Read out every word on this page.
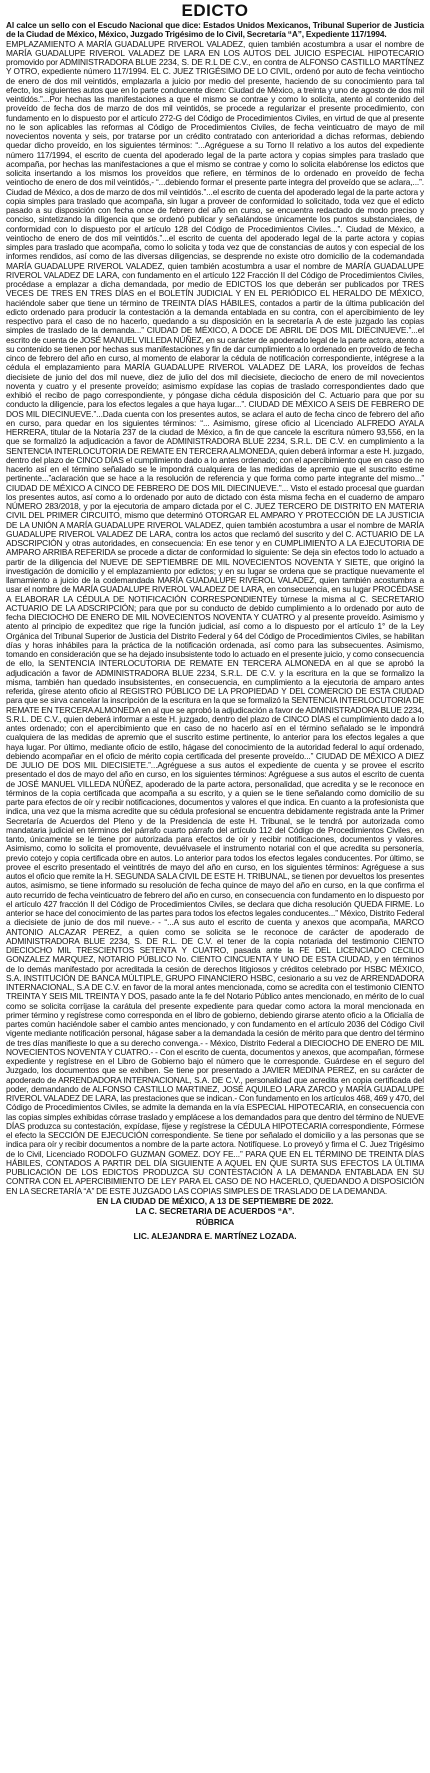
EDICTO

Al calce un sello con el Escudo Nacional que dice: Estados Unidos Mexicanos, Tribunal Superior de Justicia de la Ciudad de México, México, Juzgado Trigésimo de lo Civil, Secretaría “A”, Expediente 117/1994.

EMPLAZAMIENTO A MARÍA GUADALUPE RIVEROL VALADEZ, quien también acostumbra a usar el nombre de MARÍA GUADALUPE RIVEROL VALADEZ DE LARA EN LOS AUTOS DEL JUICIO ESPECIAL HIPOTECARIO promovido por ADMINISTRADORA BLUE 2234, S. DE R.L DE C.V., en contra de ALFONSO CASTILLO MARTÍNEZ Y OTRO, expediente número 117/1994. EL C. JUEZ TRIGÉSIMO DE LO CIVIL, ordenó por auto de fecha veintiocho de enero de dos mil veintidós, emplazarla a juicio por medio del presente, haciendo de su conocimiento para tal efecto, los siguientes autos que en lo parte conducente dicen: Ciudad de México, a treinta y uno de agosto de dos mil veintidós.”...Por hechas las manifestaciones a que el mismo se contrae y como lo solicita, atento al contenido del proveído de fecha dos de marzo de dos mil veintidós, se procede a regularizar el presente procedimiento, con fundamento en lo dispuesto por el artículo 272-G del Código de Procedimientos Civiles, en virtud de que al presente no le son aplicables las reformas al Código de Procedimientos Civiles, de fecha veinticuatro de mayo de mil novecientos noventa y seis, por tratarse por un crédito contratado con anterioridad a dichas reformas, debiendo quedar dicho proveído, en los siguientes términos: “...Agréguese a su Torno II relativo a los autos del expediente número 117/1994, el escrito de cuenta del apoderado legal de la parte actora y copias simples para traslado que acompaña, por hechas las manifestaciones a que el mismo se contrae y como lo solicita elabórense los edictos que solicita insertando a los mismos los proveídos que refiere, en términos de lo ordenado en proveído de fecha veintiocho de enero de dos mil veintidós,- “...debiendo formar el presente parte integra del proveído que se aclara,...”. Ciudad de México, a dos de marzo de dos mil veintidós.”...el escrito de cuenta del apoderado legal de la parte actora y copia simples para traslado que acompaña, sin lugar a proveer de conformidad lo solicitado, toda vez que el edicto pasado a su disposición con fecha once de febrero del año en curso, se encuentra redactado de modo preciso y conciso, sintetizando la diligencia que se ordenó publicar y señalándose únicamente los puntos substanciales, de conformidad con lo dispuesto por el artículo 128 del Código de Procedimientos Civiles...”. Ciudad de México, a veintiocho de enero de dos mil veintidós.”...el escrito de cuenta del apoderado legal de la parte actora y copias simples para traslado que acompaña, como lo solicita y toda vez que de constancias de autos y con especial de los informes rendidos, así como de las diversas diligencias, se desprende no existe otro domicilio de la codemandada MARÍA GUADALUPE RIVEROL VALADEZ, quien también acostumbra a usar el nombre de MARÍA GUADALUPE RIVEROL VALADEZ DE LARA, con fundamento en el artículo 122 Fracción II del Código de Procedimientos Civiles, procédase a emplazar a dicha demandada, por medio de EDICTOS los que deberán ser publicados por TRES VECES DE TRES EN TRES DÍAS en el BOLETÍN JUDICIAL Y EN EL PERIÓDICO EL HERALDO DE MÉXICO, haciéndole saber que tiene un término de TREINTA DÍAS HÁBILES, contados a partir de la última publicación del edicto ordenado para producir la contestación a la demanda entablada en su contra, con el apercibimiento de ley respectivo para el caso de no hacerlo, quedando a su disposición en la secretaría A de este juzgado las copias simples de traslado de la demanda...” CIUDAD DE MÉXICO, A DOCE DE ABRIL DE DOS MIL DIECINUEVE.”...el escrito de cuenta de JOSÉ MANUEL VILLEDA NÚÑEZ, en su carácter de apoderado legal de la parte actora, atento a su contenido se tienen por hechas sus manifestaciones y fin de dar cumplimiento a lo ordenado en proveído de fecha cinco de febrero del año en curso, al momento de elaborar la cédula de notificación correspondiente, intégrese a la cédula el emplazamiento para MARÍA GUADALUPE RIVEROL VALADEZ DE LARA, los proveídos de fechas diecisiete de junio del dos mil nueve, diez de julio del dos mil diecisiete, dieciocho de enero de mil novecientos noventa y cuatro y el presente proveído; asimismo expídase las copias de traslado correspondientes dado que exhibió el recibo de pago correspondiente, y póngase dicha cédula disposición del C. Actuario para que por su conducto la diligencie, para los efectos legales a que haya lugar...”. CIUDAD DE MÉXICO A SEIS DE FEBRERO DE DOS MIL DIECINUEVE.”...Dada cuenta con los presentes autos, se aclara el auto de fecha cinco de febrero del año en curso, para quedar en los siguientes términos: “... Asimismo, gírese oficio al Licenciado ALFREDO AYALA HERRERA, titular de la Notaría 237 de la ciudad de México, a fin de que cancele la escritura número 93,556, en la que se formalizó la adjudicación a favor de ADMINISTRADORA BLUE 2234, S.R.L. DE C.V. en cumplimiento a la SENTENCIA INTERLOCUTORIA DE REMATE EN TERCERA ALMONEDA, quien deberá informar a este H. juzgado, dentro del plazo de CINCO DÍAS el cumplimiento dado a lo antes ordenado; con el apercibimiento que en caso de no hacerlo así en el término señalado se le impondrá cualquiera de las medidas de apremio que el suscrito estime pertinente...”aclaración que se hace a la resolución de referencia y que forma como parte integrante del mismo...” CIUDAD DE MÉXICO A CINCO DE FEBRERO DE DOS MIL DIECINUEVE.”... Visto el estado procesal que guardan los presentes autos, así como a lo ordenado por auto de dictado con ésta misma fecha en el cuaderno de amparo NÚMERO 283/2018, y por la ejecutoria de amparo dictada por el C. JUEZ TERCERO DE DISTRITO EN MATERIA CIVIL DEL PRIMER CIRCUITO, mismo que determinó OTORGAR EL AMPARO Y PROTECCIÓN DE LA JUSTICIA DE LA UNIÓN A MARÍA GUADALUPE RIVEROL VALADEZ, quien también acostumbra a usar el nombre de MARÍA GUADALUPE RIVEROL VALADEZ DE LARA, contra los actos que reclamó del suscrito y del C. ACTUARIO DE LA ADSCRIPCIÓN y otras autoridades, en consecuencia: En ese tenor y en CUMPLIMIENTO A LA EJECUTORIA DE AMPARO ARRIBA REFERIDA se procede a dictar de conformidad lo siguiente: Se deja sin efectos todo lo actuado a partir de la diligencia del NUEVE DE SEPTIEMBRE DE MIL NOVECIENTOS NOVENTA Y SIETE, que originó la investigación de domicilio y el emplazamiento por edictos; y en su lugar se ordena que se practique nuevamente el llamamiento a juicio de la codemandada MARÍA GUADALUPE RIVEROL VALADEZ, quien también acostumbra a usar el nombre de MARÍA GUADALUPE RIVEROL VALADEZ DE LARA, en consecuencia, en su lugar PROCÉDASE A ELABORAR LA CÉDULA DE NOTIFICACIÓN CORRESPONDIENTEy túrnese la misma al C. SECRETARIO ACTUARIO DE LA ADSCRIPCIÓN; para que por su conducto de debido cumplimiento a lo ordenado por auto de fecha DIECIOCHO DE ENERO DE MIL NOVECIENTOS NOVENTA Y CUATRO y al presente proveído. Asimismo y atento al principio de expeditez que rige la función judicial, así como a lo dispuesto por el artículo 1° de la Ley Orgánica del Tribunal Superior de Justicia del Distrito Federal y 64 del Código de Procedimientos Civiles, se habilitan días y horas inhábiles para la práctica de la notificación ordenada, así como para las subsecuentes. Asimismo, tomando en consideración que se ha dejado insubsistente todo lo actuado en el presente juicio, y como consecuencia de ello, la SENTENCIA INTERLOCUTORIA DE REMATE EN TERCERA ALMONEDA en al que se aprobó la adjudicación a favor de ADMINISTRADORA BLUE 2234, S.R.L. DE C.V. y la escritura en la que se formalizo la misma, también han quedado insubsistentes, en consecuencia, en cumplimiento a la ejecutoria de amparo antes referida, gírese atento oficio al REGISTRO PÚBLICO DE LA PROPIEDAD Y DEL COMERCIO DE ESTA CIUDAD para que se sirva cancelar la inscripción de la escritura en la que se formalizó la SENTENCIA INTERLOCUTORIA DE REMATE EN TERCERA ALMONEDA en al que se aprobó la adjudicación a favor de ADMINISTRADORA BLUE 2234, S.R.L. DE C.V., quien deberá informar a este H. juzgado, dentro del plazo de CINCO DÍAS el cumplimiento dado a lo antes ordenado; con el apercibimiento que en caso de no hacerlo así en el término señalado se le impondrá cualquiera de las medidas de apremio que el suscrito estime pertinente, lo anterior para los efectos legales a que haya lugar. Por último, mediante oficio de estilo, hágase del conocimiento de la autoridad federal lo aquí ordenado, debiendo acompañar en el oficio de mérito copia certificada del presente proveído...” CIUDAD DE MÉXICO A DIEZ DE JULIO DE DOS MIL DIECISIETE.”...Agréguese a sus autos el expediente de cuenta y se provee el escrito presentado el dos de mayo del año en curso, en los siguientes términos: Agréguese a sus autos el escrito de cuenta de JOSÉ MANUEL VILLEDA NÚÑEZ, apoderado de la parte actora, personalidad, que acredita y se le reconoce en términos de la copia certificada que acompaña a su escrito, y a quien se le tiene señalando como domicilio de su parte para efectos de oír y recibir notificaciones, documentos y valores el que indica. En cuanto a la profesionista que indica, una vez que la misma acredite que su cédula profesional se encuentra debidamente registrada ante la Primer Secretaría de Acuerdos del Pleno y de la Presidencia de este H. Tribunal, se le tendrá por autorizada como mandataria judicial en términos del párrafo cuarto párrafo del artículo 112 del Código de Procedimientos Civiles, en tanto, únicamente se le tiene por autorizada para efectos de oír y recibir notificaciones, documentos y valores. Asimismo, como lo solicita el promovente, devuélvasele el instrumento notarial con el que acredita su personería, previo cotejo y copia certificada obre en autos. Lo anterior para todos los efectos legales conducentes. Por último, se provee el escrito presentado el veintitrés de mayo del año en curso, en los siguientes términos: Agréguese a sus autos el oficio que remite la H. SEGUNDA SALA CIVIL DE ESTE H. TRIBUNAL, se tienen por devueltos los presentes autos, asimismo, se tiene informado su resolución de fecha quince de mayo del año en curso, en la que confirma el auto recurrido de fecha veinticuatro de febrero del año en curso, en consecuencia con fundamento en lo dispuesto por el artículo 427 fracción II del Código de Procedimientos Civiles, se declara que dicha resolución QUEDA FIRME. Lo anterior se hace del conocimiento de las partes para todos los efectos legales conducentes...” México, Distrito Federal a diecisiete de junio de dos mil nueve.- - “...A sus auto el escrito de cuenta y anexos que acompaña, MARCO ANTONIO ALCAZAR PEREZ, a quien como se solicita se le reconoce de carácter de apoderado de ADMINISTRADORA BLUE 2234, S. DE R.L. DE C.V. el tener de la copia notariada del testimonio CIENTO DIECIOCHO MIL TRESCIENTOS SETENTA Y CUATRO, pasada ante la FE DEL LICENCIADO CECILIO GONZALEZ MARQUEZ, NOTARIO PÚBLICO No. CIENTO CINCUENTA Y UNO DE ESTA CIUDAD, y en términos de lo demás manifestado por acreditada la cesión de derechos litigiosos y créditos celebrado por HSBC MÉXICO, S.A. INSTITUCIÓN DE BANCA MÚLTIPLE, GRUPO FINANCIERO HSBC, cesionario a su vez de ARRENDADORA INTERNACIONAL, S.A DE C.V. en favor de la moral antes mencionada, como se acredita con el testimonio CIENTO TREINTA Y SEIS MIL TREINTA Y DOS, pasado ante la fe del Notario Público antes mencionado, en mérito de lo cual como se solicita corríjase la carátula del presente expediente para quedar como actora la moral mencionada en primer término y regístrese como corresponda en el libro de gobierno, debiendo girarse atento oficio a la Oficialía de partes común haciéndole saber el cambio antes mencionado, y con fundamento en el artículo 2036 del Código Civil vigente mediante notificación personal, hágase saber a la demandada la cesión de mérito para que dentro del término de tres días manifieste lo que a su derecho convenga.- - México, Distrito Federal a DIECIOCHO DE ENERO DE MIL NOVECIENTOS NOVENTA Y CUATRO.- - Con el escrito de cuenta, documentos y anexos, que acompañan, fórmese expediente y regístrese en el Libro de Gobierno bajo el número que le corresponde. Guárdese en el seguro del Juzgado, los documentos que se exhiben. Se tiene por presentado a JAVIER MEDINA PEREZ, en su carácter de apoderado de ARRENDADORA INTERNACIONAL, S.A. DE C.V., personalidad que acredita en copia certificada del poder, demandando de ALFONSO CASTILLO MARTINEZ, JOSÉ AQUILEO LARA ZARCO y MARÍA GUADALUPE RIVEROL VALADEZ DE LARA, las prestaciones que se indican.- Con fundamento en los artículos 468, 469 y 470, del Código de Procedimientos Civiles, se admite la demanda en la vía ESPECIAL HIPOTECARIA, en consecuencia con las copias simples exhibidas córrase traslado y emplácese a los demandados para que dentro del término de NUEVE DÍAS produzca su contestación, expídase, fíjese y regístrese la CÉDULA HIPOTECARIA correspondiente, Fórmese el efecto la SECCIÓN DE EJECUCIÓN correspondiente. Se tiene por señalado el domicilio y a las personas que se indica para oír y recibir documentos a nombre de la parte actora. Notifíquese. Lo proveyó y firma el C. Juez Trigésimo de lo Civil, Licenciado RODOLFO GUZMAN GOMEZ. DOY FE...” PARA QUE EN EL TÉRMINO DE TREINTA DÍAS HÁBILES, CONTADOS A PARTIR DEL DÍA SIGUIENTE A AQUEL EN QUE SURTA SUS EFECTOS LA ÚLTIMA PUBLICACIÓN DE LOS EDICTOS PRODUZCA SU CONTESTACIÓN A LA DEMANDA ENTABLADA EN SU CONTRA CON EL APERCIBIMIENTO DE LEY PARA EL CASO DE NO HACERLO, QUEDANDO A DISPOSICIÓN EN LA SECRETARÍA “A” DE ESTE JUZGADO LAS COPIAS SIMPLES DE TRASLADO DE LA DEMANDA.

EN LA CIUDAD DE MÉXICO, A 13 DE SEPTIEMBRE DE 2022.

LA C. SECRETARIA DE ACUERDOS “A”.

RÚBRICA

LIC. ALEJANDRA E. MARTÍNEZ LOZADA.
